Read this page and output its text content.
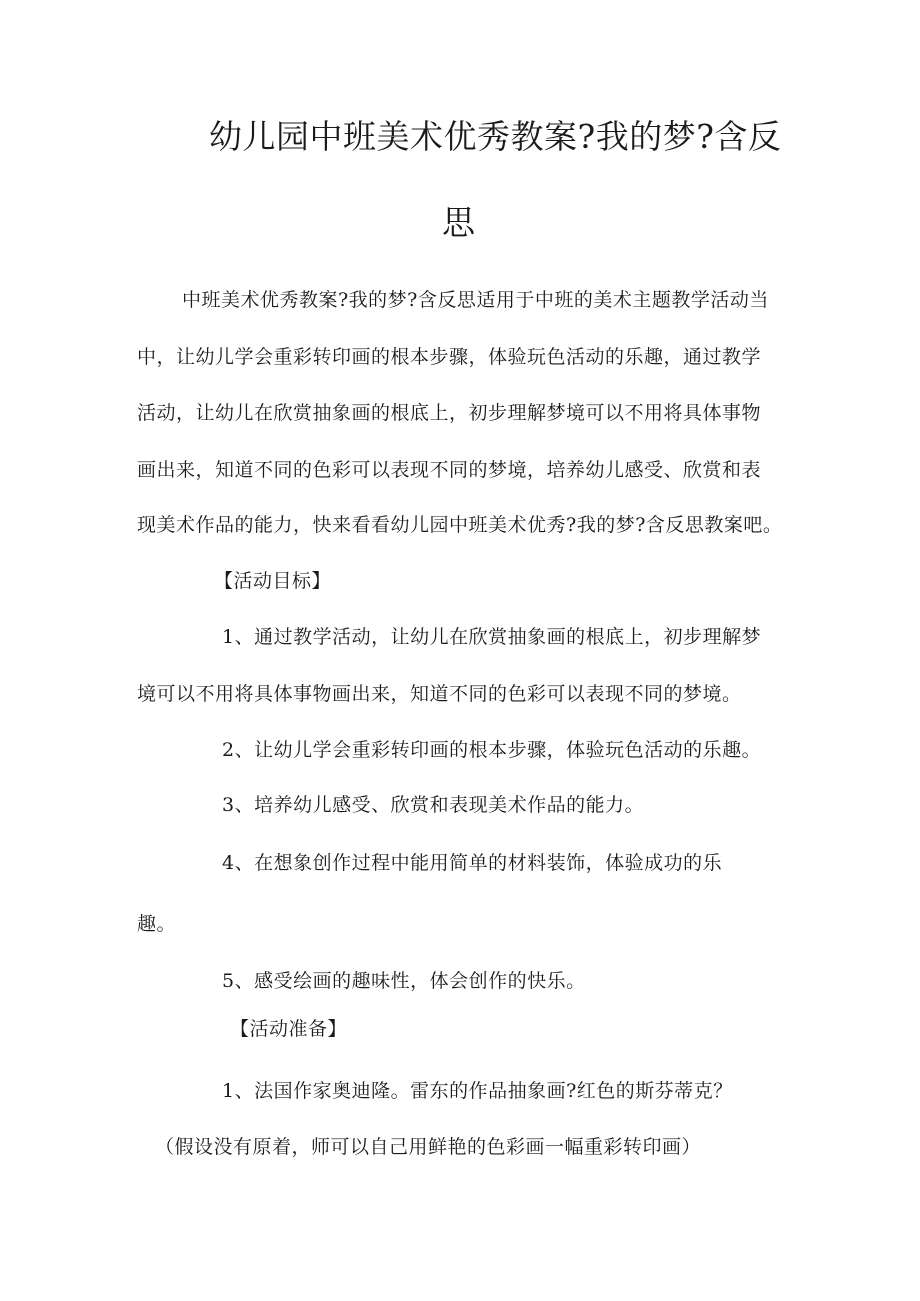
幼儿园中班美术优秀教案?我的梦?含反
思
中班美术优秀教案?我的梦?含反思适用于中班的美术主题教学活动当
中，让幼儿学会重彩转印画的根本步骤，体验玩色活动的乐趣，通过教学
活动，让幼儿在欣赏抽象画的根底上，初步理解梦境可以不用将具体事物
画出来，知道不同的色彩可以表现不同的梦境，培养幼儿感受、欣赏和表
现美术作品的能力，快来看看幼儿园中班美术优秀?我的梦?含反思教案吧。
【活动目标】
1、通过教学活动，让幼儿在欣赏抽象画的根底上，初步理解梦
境可以不用将具体事物画出来，知道不同的色彩可以表现不同的梦境。
2、让幼儿学会重彩转印画的根本步骤，体验玩色活动的乐趣。
3、培养幼儿感受、欣赏和表现美术作品的能力。
4、在想象创作过程中能用简单的材料装饰，体验成功的乐
趣。
5、感受绘画的趣味性，体会创作的快乐。
【活动准备】
1、法国作家奥迪隆。雷东的作品抽象画?红色的斯芬蒂克？
（假设没有原着，师可以自己用鲜艳的色彩画一幅重彩转印画）
